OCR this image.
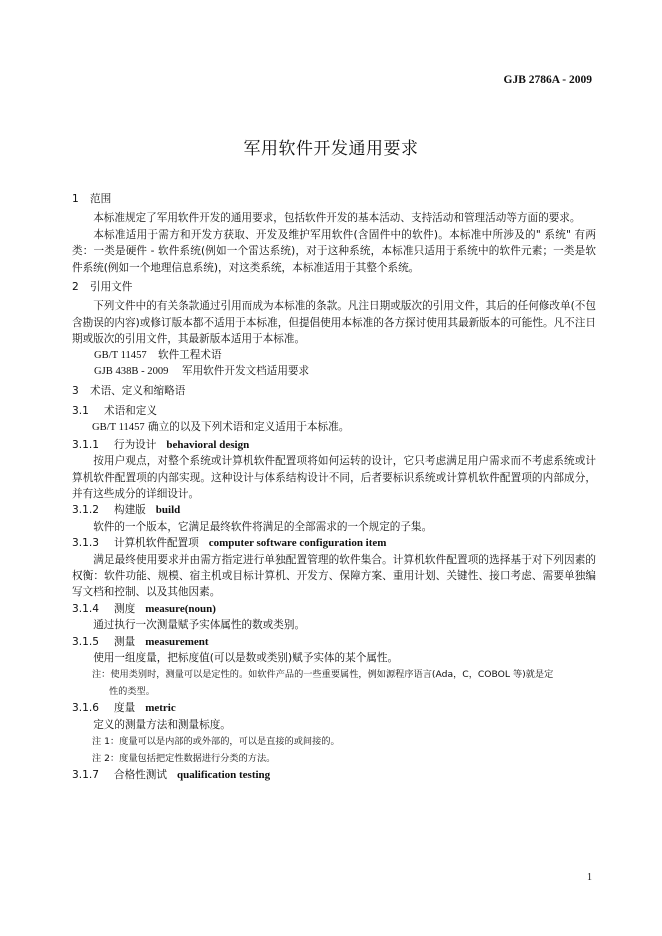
GJB 2786A - 2009
军用软件开发通用要求

1 范围

本标准规定了军用软件开发的通用要求，包括软件开发的基本活动、支持活动和管理活动等方面的要求。

本标准适用于需方和开发方获取、开发及维护军用软件(含固件中的软件)。本标准中所涉及的" 系统" 有两类：一类是硬件 - 软件系统(例如一个雷达系统)，对于这种系统，本标准只适用于系统中的软件元素；一类是软件系统(例如一个地理信息系统)，对这类系统，本标准适用于其整个系统。

2 引用文件

下列文件中的有关条款通过引用而成为本标准的条款。凡注日期或版次的引用文件，其后的任何修改单(不包含勘误的内容)或修订版本都不适用于本标准，但提倡使用本标准的各方探讨使用其最新版本的可能性。凡不注日期或版次的引用文件，其最新版本适用于本标准。

GB/T 11457 软件工程术语

GJB 438B - 2009 军用软件开发文档适用要求

3 术语、定义和缩略语

3.1 术语和定义

GB/T 11457 确立的以及下列术语和定义适用于本标准。

3.1.1 行为设计 behavioral design

按用户观点，对整个系统或计算机软件配置项将如何运转的设计，它只考虑满足用户需求而不考虑系统或计算机软件配置项的内部实现。这种设计与体系结构设计不同，后者要标识系统或计算机软件配置项的内部成分，并有这些成分的详细设计。

3.1.2 构建版 build

软件的一个版本，它满足最终软件将满足的全部需求的一个规定的子集。

3.1.3 计算机软件配置项 computer software configuration item

满足最终使用要求并由需方指定进行单独配置管理的软件集合。计算机软件配置项的选择基于对下列因素的权衡：软件功能、规模、宿主机或目标计算机、开发方、保障方案、重用计划、关键性、接口考虑、需要单独编写文档和控制、以及其他因素。

3.1.4 测度 measure(noun)

通过执行一次测量赋予实体属性的数或类别。

3.1.5 测量 measurement

使用一组度量，把标度值(可以是数或类别)赋予实体的某个属性。

注：使用类别时，测量可以是定性的。如软件产品的一些重要属性，例如源程序语言(Ada，C，COBOL 等)就是定

性的类型。

3.1.6 度量 metric

定义的测量方法和测量标度。

注 1：度量可以是内部的或外部的，可以是直接的或间接的。

注 2：度量包括把定性数据进行分类的方法。

3.1.7 合格性测试 qualification testing

1
